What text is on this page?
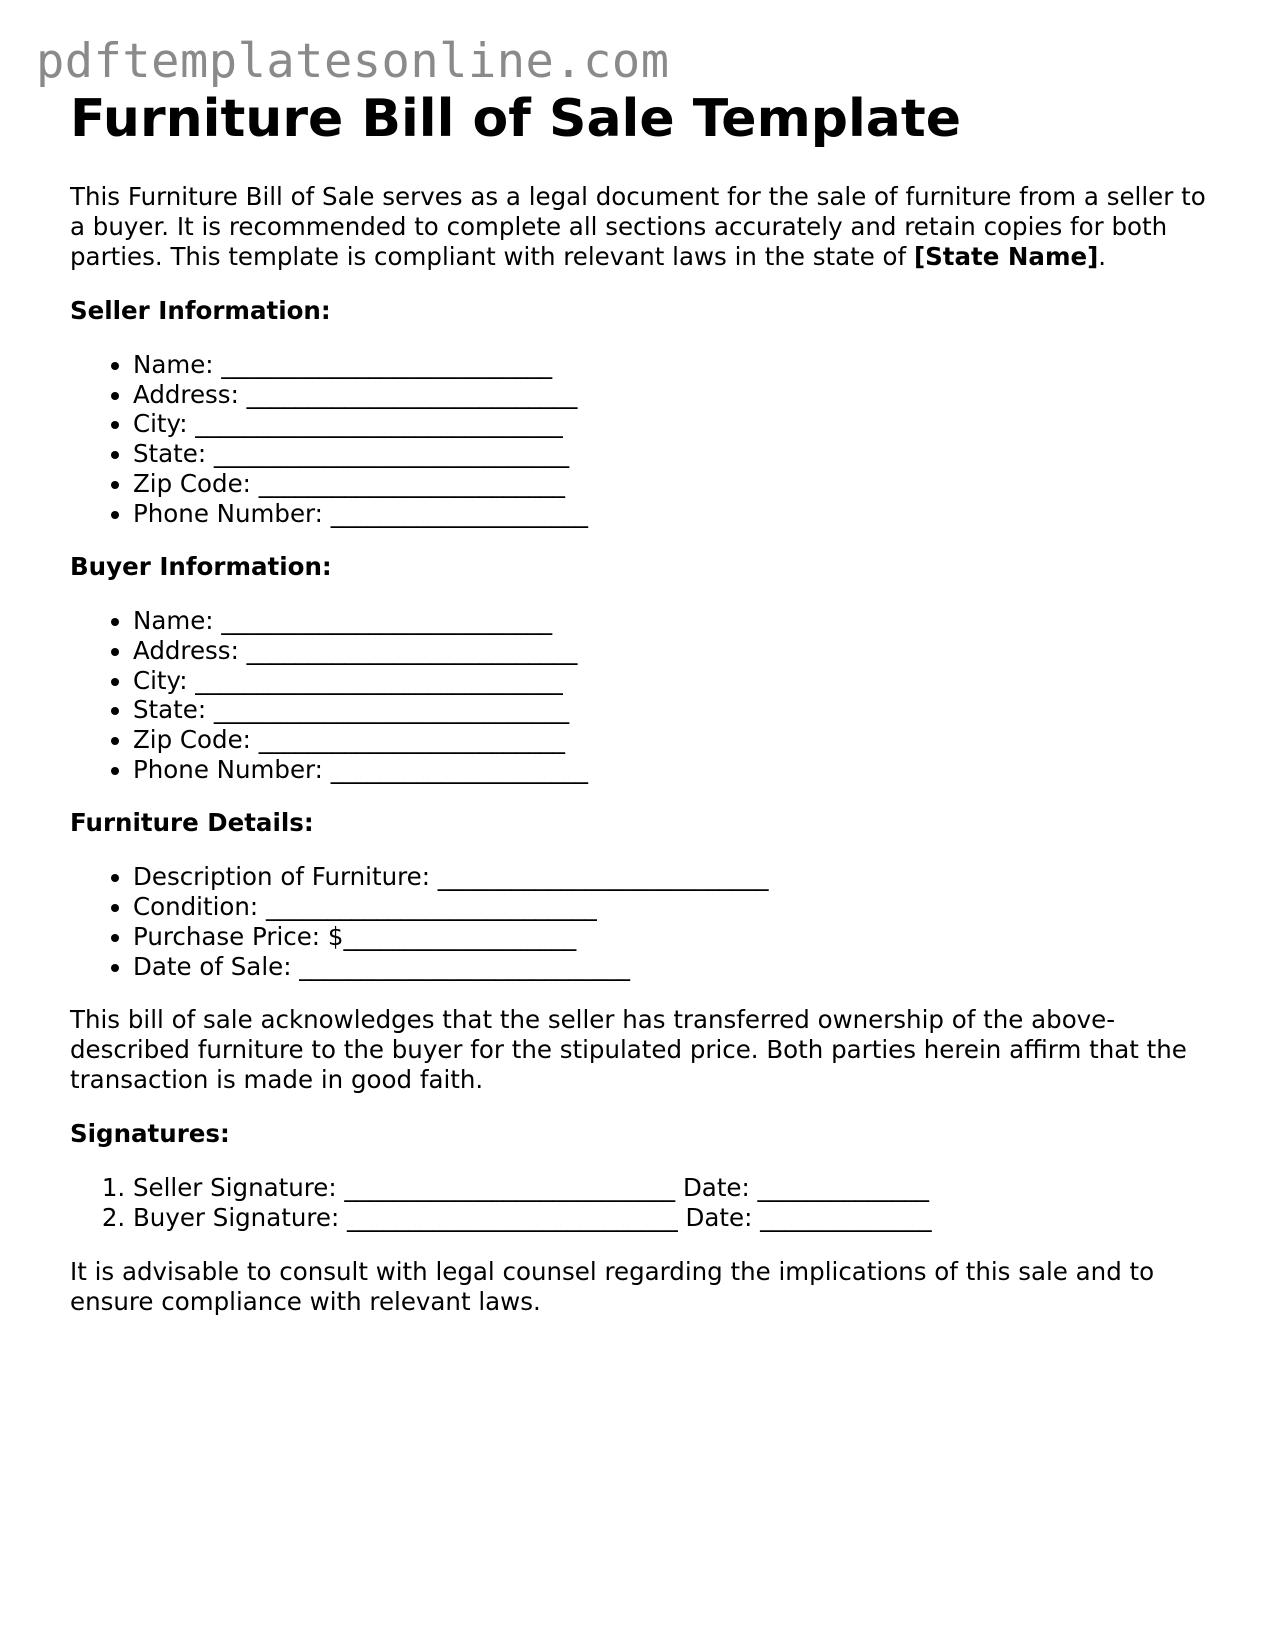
pdftemplatesonline.com
Furniture Bill of Sale Template

This Furniture Bill of Sale serves as a legal document for the sale of furniture from a seller to a buyer. It is recommended to complete all sections accurately and retain copies for both parties. This template is compliant with relevant laws in the state of [State Name].

Seller Information:
• Name: ___________________________
• Address: ___________________________
• City: ______________________________
• State: _____________________________
• Zip Code: _________________________
• Phone Number: _____________________
Buyer Information:
• Name: ___________________________
• Address: ___________________________
• City: ______________________________
• State: _____________________________
• Zip Code: _________________________
• Phone Number: _____________________
Furniture Details:
• Description of Furniture: ___________________________
• Condition: ___________________________
• Purchase Price: $___________________
• Date of Sale: ___________________________

This bill of sale acknowledges that the seller has transferred ownership of the above-described furniture to the buyer for the stipulated price. Both parties herein affirm that the transaction is made in good faith.

Signatures:
1. Seller Signature: ___________________________ Date: ______________
2. Buyer Signature: ___________________________ Date: ______________

It is advisable to consult with legal counsel regarding the implications of this sale and to ensure compliance with relevant laws.
